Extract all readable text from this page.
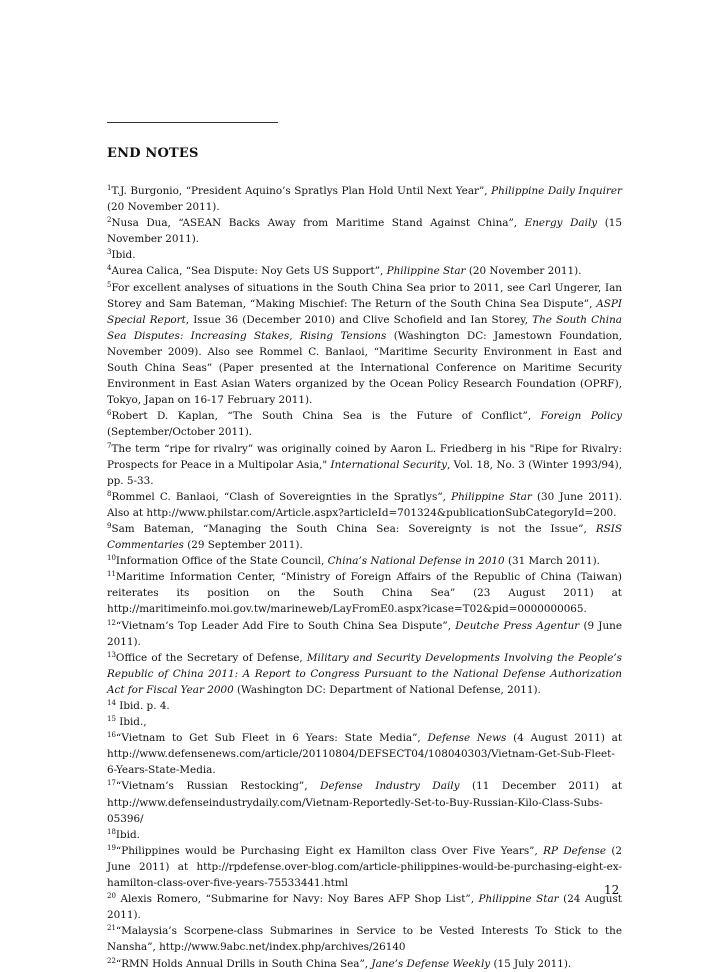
END NOTES

$^1$T.J. Burgonio, “President Aquino’s Spratlys Plan Hold Until Next Year”, Philippine Daily Inquirer (20 November 2011).

$^2$Nusa Dua, “ASEAN Backs Away from Maritime Stand Against China”, Energy Daily (15 November 2011).

$^3$Ibid.

$^4$Aurea Calica, “Sea Dispute: Noy Gets US Support”, Philippine Star (20 November 2011).

$^5$For excellent analyses of situations in the South China Sea prior to 2011, see Carl Ungerer, Ian Storey and Sam Bateman, “Making Mischief: The Return of the South China Sea Dispute”, ASPI Special Report, Issue 36 (December 2010) and Clive Schofield and Ian Storey, The South China Sea Disputes: Increasing Stakes, Rising Tensions (Washington DC: Jamestown Foundation, November 2009). Also see Rommel C. Banlaoi, “Maritime Security Environment in East and South China Seas” (Paper presented at the International Conference on Maritime Security Environment in East Asian Waters organized by the Ocean Policy Research Foundation (OPRF), Tokyo, Japan on 16-17 February 2011).

$^6$Robert D. Kaplan, “The South China Sea is the Future of Conflict”, Foreign Policy (September/October 2011).

$^7$The term “ripe for rivalry” was originally coined by Aaron L. Friedberg in his "Ripe for Rivalry: Prospects for Peace in a Multipolar Asia," International Security, Vol. 18, No. 3 (Winter 1993/94), pp. 5-33.

$^8$Rommel C. Banlaoi, “Clash of Sovereignties in the Spratlys”, Philippine Star (30 June 2011). Also at http://www.philstar.com/Article.aspx?articleId=701324&publicationSubCategoryId=200.

$^9$Sam Bateman, “Managing the South China Sea: Sovereignty is not the Issue”, RSIS Commentaries (29 September 2011).

$^{10}$Information Office of the State Council, China’s National Defense in 2010 (31 March 2011).

$^{11}$Maritime Information Center, “Ministry of Foreign Affairs of the Republic of China (Taiwan) reiterates its position on the South China Sea” (23 August 2011) at http://maritimeinfo.moi.gov.tw/marineweb/LayFromE0.aspx?icase=T02&pid=0000000065.

$^{12}$“Vietnam’s Top Leader Add Fire to South China Sea Dispute”, Deutche Press Agentur (9 June 2011).

$^{13}$Office of the Secretary of Defense, Military and Security Developments Involving the People’s Republic of China 2011: A Report to Congress Pursuant to the National Defense Authorization Act for Fiscal Year 2000 (Washington DC: Department of National Defense, 2011).

$^{14}$ Ibid. p. 4.

$^{15}$ Ibid.,

$^{16}$“Vietnam to Get Sub Fleet in 6 Years: State Media”, Defense News (4 August 2011) at http://www.defensenews.com/article/20110804/DEFSECT04/108040303/Vietnam-Get-Sub-Fleet-6-Years-State-Media.

$^{17}$“Vietnam’s Russian Restocking”, Defense Industry Daily (11 December 2011) at http://www.defenseindustrydaily.com/Vietnam-Reportedly-Set-to-Buy-Russian-Kilo-Class-Subs-05396/

$^{18}$Ibid.

$^{19}$“Philippines would be Purchasing Eight ex Hamilton class Over Five Years”, RP Defense (2 June 2011) at http://rpdefense.over-blog.com/article-philippines-would-be-purchasing-eight-ex-hamilton-class-over-five-years-75533441.html

$^{20}$ Alexis Romero, “Submarine for Navy: Noy Bares AFP Shop List”, Philippine Star (24 August 2011).

$^{21}$“Malaysia’s Scorpene-class Submarines in Service to be Vested Interests To Stick to the Nansha”, http://www.9abc.net/index.php/archives/26140

$^{22}$“RMN Holds Annual Drills in South China Sea”, Jane’s Defense Weekly (15 July 2011).

12
